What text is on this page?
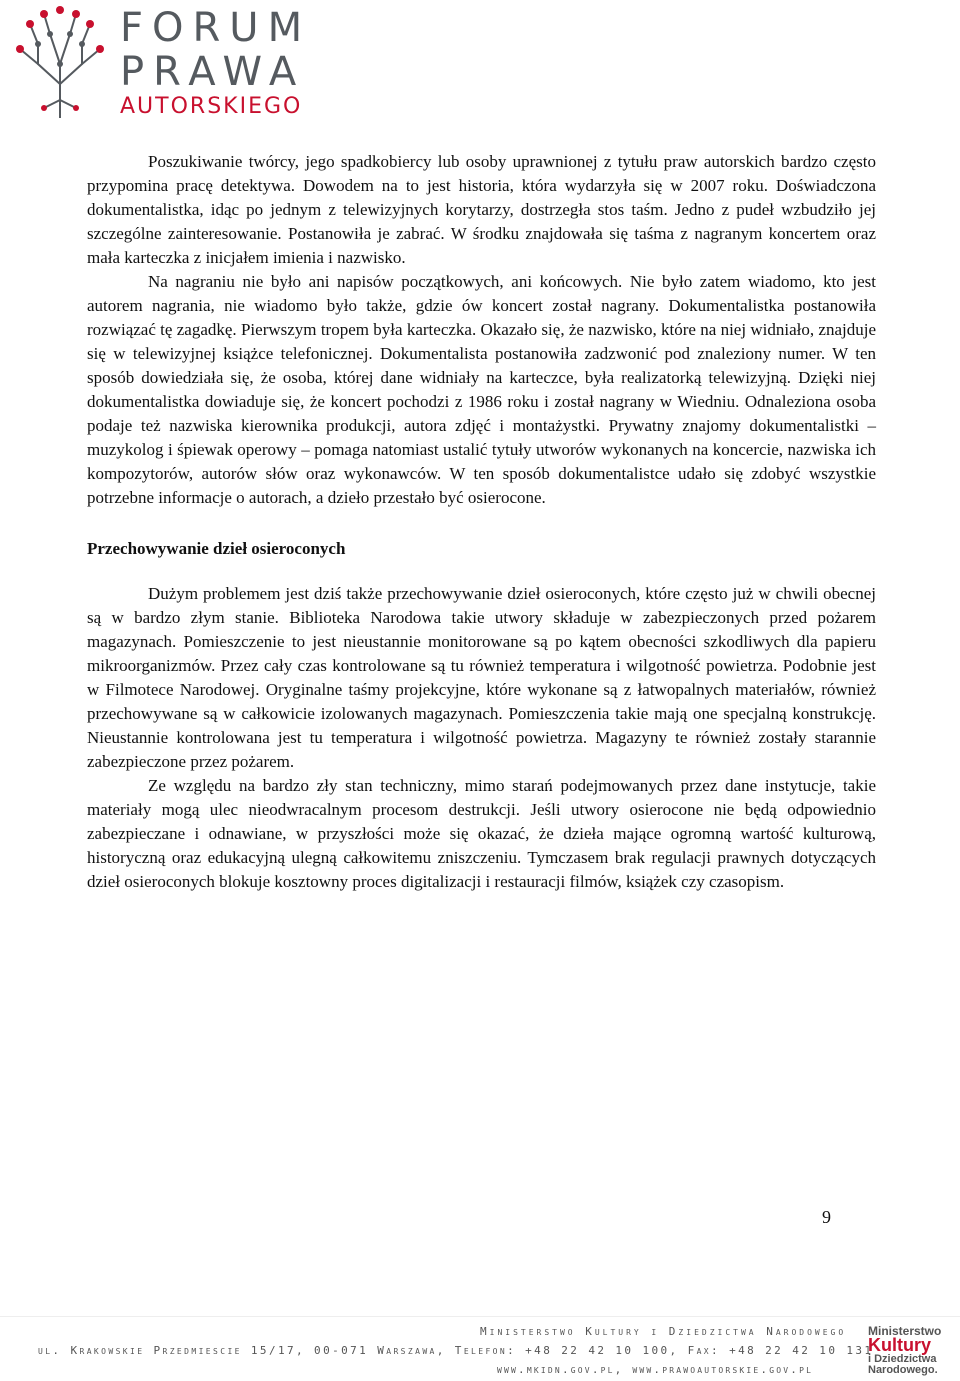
FORUM
PRAWA
AUTORSKIEGO

Poszukiwanie twórcy, jego spadkobiercy lub osoby uprawnionej z tytułu praw autorskich bardzo często przypomina pracę detektywa. Dowodem na to jest historia, która wydarzyła się w 2007 roku. Doświadczona dokumentalistka, idąc po jednym z telewizyjnych korytarzy, dostrzegła stos taśm. Jedno z pudeł wzbudziło jej szczególne zainteresowanie. Postanowiła je zabrać. W środku znajdowała się taśma z nagranym koncertem oraz mała karteczka z inicjałem imienia i nazwisko.

Na nagraniu nie było ani napisów początkowych, ani końcowych. Nie było zatem wiadomo, kto jest autorem nagrania, nie wiadomo było także, gdzie ów koncert został nagrany. Dokumentalistka postanowiła rozwiązać tę zagadkę. Pierwszym tropem była karteczka. Okazało się, że nazwisko, które na niej widniało, znajduje się w telewizyjnej książce telefonicznej. Dokumentalista postanowiła zadzwonić pod znaleziony numer. W ten sposób dowiedziała się, że osoba, której dane widniały na karteczce, była realizatorką telewizyjną. Dzięki niej dokumentalistka dowiaduje się, że koncert pochodzi z 1986 roku i został nagrany w Wiedniu. Odnaleziona osoba podaje też nazwiska kierownika produkcji, autora zdjęć i montażystki. Prywatny znajomy dokumentalistki –muzykolog i śpiewak operowy – pomaga natomiast ustalić tytuły utworów wykonanych na koncercie, nazwiska ich kompozytorów, autorów słów oraz wykonawców. W ten sposób dokumentalistce udało się zdobyć wszystkie potrzebne informacje o autorach, a dzieło przestało być osierocone.

Przechowywanie dzieł osieroconych

Dużym problemem jest dziś także przechowywanie dzieł osieroconych, które często już w chwili obecnej są w bardzo złym stanie. Biblioteka Narodowa takie utwory składuje w zabezpieczonych przed pożarem magazynach. Pomieszczenie to jest nieustannie monitorowane są po kątem obecności szkodliwych dla papieru mikroorganizmów. Przez cały czas kontrolowane są tu również temperatura i wilgotność powietrza. Podobnie jest w Filmotece Narodowej. Oryginalne taśmy projekcyjne, które wykonane są z łatwopalnych materiałów, również przechowywane są w całkowicie izolowanych magazynach. Pomieszczenia takie mają one specjalną konstrukcję. Nieustannie kontrolowana jest tu temperatura i wilgotność powietrza. Magazyny te również zostały starannie zabezpieczone przez pożarem.

Ze względu na bardzo zły stan techniczny, mimo starań podejmowanych przez dane instytucje, takie materiały mogą ulec nieodwracalnym procesom destrukcji. Jeśli utwory osierocone nie będą odpowiednio zabezpieczane i odnawiane, w przyszłości może się okazać, że dzieła mające ogromną wartość kulturową, historyczną oraz edukacyjną ulegną całkowitemu zniszczeniu. Tymczasem brak regulacji prawnych dotyczących dzieł osieroconych blokuje kosztowny proces digitalizacji i restauracji filmów, książek czy czasopism.

9
Ministerstwo Kultury i Dziedzictwa Narodowego
ul. Krakowskie Przedmiescie 15/17, 00-071 Warszawa, Telefon: +48 22 42 10 100, Fax: +48 22 42 10 131
www.mkidn.gov.pl, www.prawoautorskie.gov.pl
Ministerstwo
Kultury
i Dziedzictwa
Narodowego.
